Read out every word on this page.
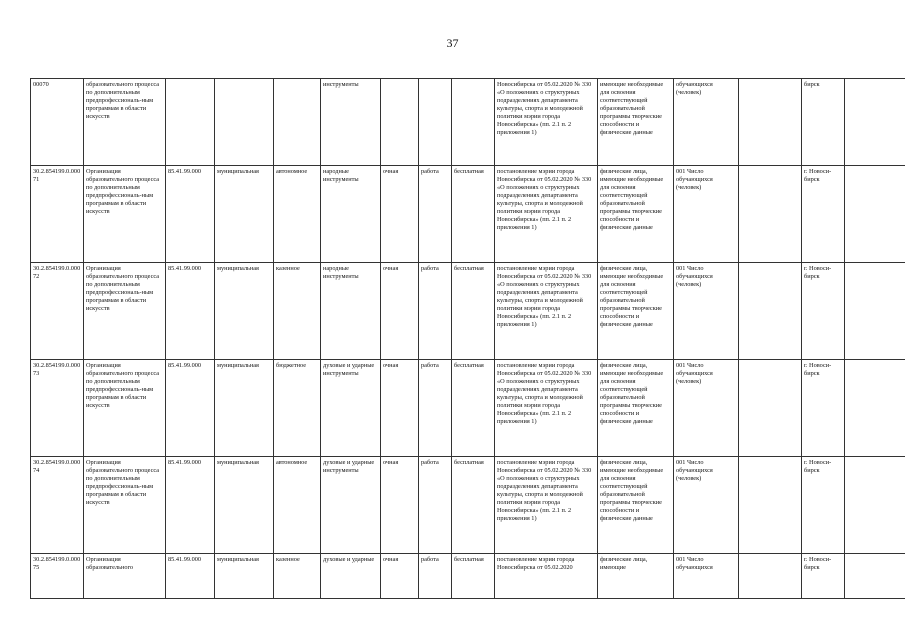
37
00070	образовательного процесса по дополнительным предпрофессиональ-ным программам в области искусств				инструменты				Новосибирска от 05.02.2020 № 330 «О положениях о структурных подразделениях департамента культуры, спорта и молодежной политики мэрии города Новосибирска» (пп. 2.1 п. 2 приложения 1)	имеющие необходимые для освоения соответствующей образовательной программы творческие способности и физические данные	обучающихся (человек)		бирск	
30.2.854199.0.00071	Организация образовательного процесса по дополнительным предпрофессиональ-ным программам в области искусств	85.41.99.000	муниципальная	автономное	народные инструменты	очная	работа	бесплатная	постановление мэрии города Новосибирска от 05.02.2020 № 330 «О положениях о структурных подразделениях департамента культуры, спорта и молодежной политики мэрии города Новосибирска» (пп. 2.1 п. 2 приложения 1)	физические лица, имеющие необходимые для освоения соответствующей образовательной программы творческие способности и физические данные	001 Число обучающихся (человек)		г. Новоси-бирск	
30.2.854199.0.00072	Организация образовательного процесса по дополнительным предпрофессиональ-ным программам в области искусств	85.41.99.000	муниципальная	казенное	народные инструменты	очная	работа	бесплатная	постановление мэрии города Новосибирска от 05.02.2020 № 330 «О положениях о структурных подразделениях департамента культуры, спорта и молодежной политики мэрии города Новосибирска» (пп. 2.1 п. 2 приложения 1)	физические лица, имеющие необходимые для освоения соответствующей образовательной программы творческие способности и физические данные	001 Число обучающихся (человек)		г. Новоси-бирск	
30.2.854199.0.00073	Организация образовательного процесса по дополнительным предпрофессиональ-ным программам в области искусств	85.41.99.000	муниципальная	бюджетное	духовые и ударные инструменты	очная	работа	бесплатная	постановление мэрии города Новосибирска от 05.02.2020 № 330 «О положениях о структурных подразделениях департамента культуры, спорта и молодежной политики мэрии города Новосибирска» (пп. 2.1 п. 2 приложения 1)	физические лица, имеющие необходимые для освоения соответствующей образовательной программы творческие способности и физические данные	001 Число обучающихся (человек)		г. Новоси-бирск	
30.2.854199.0.00074	Организация образовательного процесса по дополнительным предпрофессиональ-ным программам в области искусств	85.41.99.000	муниципальная	автономное	духовые и ударные инструменты	очная	работа	бесплатная	постановление мэрии города Новосибирска от 05.02.2020 № 330 «О положениях о структурных подразделениях департамента культуры, спорта и молодежной политики мэрии города Новосибирска» (пп. 2.1 п. 2 приложения 1)	физические лица, имеющие необходимые для освоения соответствующей образовательной программы творческие способности и физические данные	001 Число обучающихся (человек)		г. Новоси-бирск	
30.2.854199.0.00075	Организация образовательного	85.41.99.000	муниципальная	казенное	духовые и ударные	очная	работа	бесплатная	постановление мэрии города Новосибирска от 05.02.2020	физические лица, имеющие	001 Число обучающихся		г. Новоси-бирск	
